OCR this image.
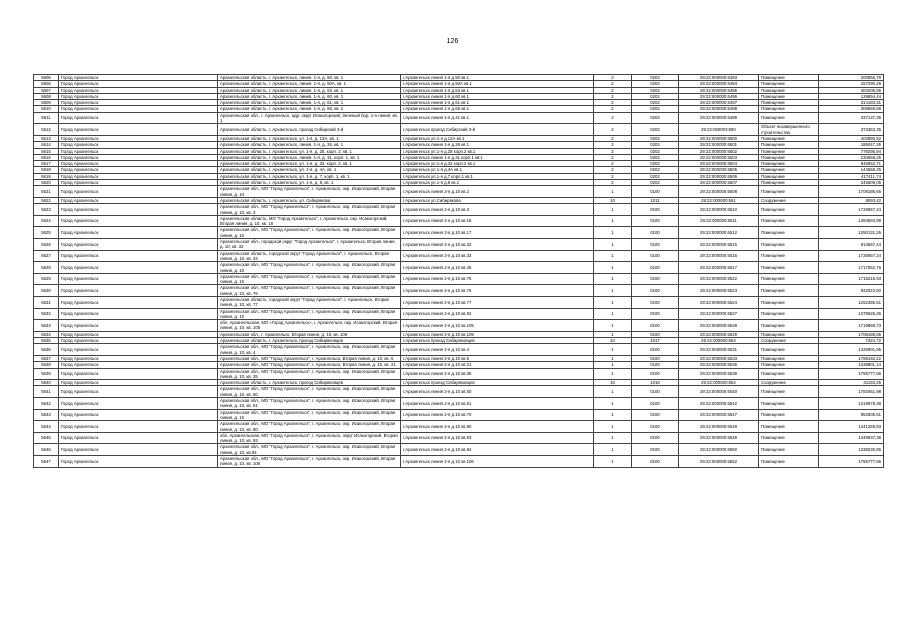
126
5605	Город Архангельск	Архангельская область, г. Архангельск, линия. 1-я, д. 50, кв. 1	г.Архангельск линия 1-я д.50 кв.1	2	0202	29:22:000000:6493	Помещение	200856,79
5606	Город Архангельск	Архангельская область, г. Архангельск, линия. 1-я, д. 50А, кв. 1	г.Архангельск линия 1-я д.50А кв.1	2	0202	29:22:000000:6494	Помещение	157290,29
5607	Город Архангельск	Архангельская область, г. Архангельск, линия. 1-я, д. 53, кв. 1	г.Архангельск линия 1-я д.53 кв.1	2	0202	29:22:000000:6495	Помещение	303206,05
5608	Город Архангельск	Архангельская область, г. Архангельск, линия. 1-я, д. 60, кв. 1	г.Архангельск линия 1-я д.60 кв.1	2	0202	29:22:000000:6496	Помещение	139894,44
5609	Город Архангельск	Архангельская область, г. Архангельск, линия. 1-я, д. 61, кв. 1	г.Архангельск линия 1-я д.61 кв.1	2	0202	29:22:000000:6497	Помещение	314183,31
5610	Город Архангельск	Архангельская область, г. Архангельск, линия. 1-я, д. 66, кв. 1	г.Архангельск линия 1-я д.66 кв.1	2	0202	29:22:000000:6498	Помещение	309569,68
5611	Город Архангельск	Архангельская обл., г. Архангельск, адр. округ Исакогорский, Зеленый бор, 1-я линия, кв. 1	г.Архангельск линия 1-я д.41 кв.1	2	0202	29:22:000000:6499	Помещение	337137,35
5612	Город Архангельск	Архангельская область, г. Архангельск, проезд Сибирский 3-й	г.Архангельск проезд Сибирский 3-й	2	0202	29:22:060003:650	Объект незавершенного строительства	373363,35
5613	Город Архангельск	Архангельская область, г. Архангельск, ул. 1-я, д. 13А, кв. 1	г.Архангельск ул.1-я д.13А кв.1	2	0202	29:22:000000:6500	Помещение	402890,52
5614	Город Архангельск	Архангельская область, г. Архангельск, линия. 1-я, д. 26, кв. 1	г.Архангельск линия 1-я д.26 кв.1	2	0202	29:22:000000:6501	Помещение	185047,35
5615	Город Архангельск	Архангельская область, г. Архангельск, ул. 1-я, д. 28, корп. 2, кв. 1	г.Архангельск ул.1-я д.28 корп.2 кв.1	2	0202	29:22:000000:6502	Помещение	779295,94
5616	Город Архангельск	Архангельская область, г. Архангельск, линия. 1-я, д. 31, корп. 1, кв. 1	г.Архангельск линия 1-я д.31 корп.1 кв.1	2	0202	29:22:000000:6503	Помещение	230658,25
5617	Город Архангельск	Архангельская область, г. Архангельск, ул. 1-я, д. 32, корп. 2, кв. 1	г.Архангельск ул.1-я д.32 корп.2 кв.1	2	0202	29:22:000000:6504	Помещение	946852,71
5618	Город Архангельск	Архангельская область, г. Архангельск, ул. 1-я, д. 4А, кв. 1	г.Архангельск ул.1-я д.4А кв.1	2	0202	29:22:000000:6505	Помещение	144668,25
5619	Город Архангельск	Архангельская область, г. Архангельск, ул. 1-я, д. 7, корп. 1, кв. 1	г.Архангельск ул.1-я д.7 корп.1 кв.1	2	0202	29:22:000000:6506	Помещение	417411,74
5620	Город Архангельск	Архангельская область, г. Архангельск, ул. 1-я, д. 8, кв. 1	г.Архангельск ул.1-я д.8 кв.1	2	0202	29:22:000000:6507	Помещение	245609,05
5621	Город Архангельск	Архангельская обл., МО "Город Архангельск", г. Архангельск, окр. Исакогорский, Вторая линия, д. 10	г.Архангельск линия 2-я д.10 кв.2	1	0100	29:22:000000:6508	Помещение	1708186,65
5622	Город Архангельск	Архангельская область, г. Архангельск, ул. Сибирякова	г.Архангельск ул.Сибирякова	10	1011	29:22:000000:651	Сооружение	8093,42
5623	Город Архангельск	Архангельская обл., МО "Город Архангельск", г. Архангельск, окр. Исакогорский, Вторая линия, д. 10, кв. 3	г.Архангельск линия 2-я д.10 кв.3	1	0100	29:22:000000:6510	Помещение	1726857,24
5624	Город Архангельск	Архангельская область, МО "Город Архангельск", г. Архангельск, окр. Исакогорский, Вторая линия, д. 10, кв. 16	г.Архангельск линия 2-я д.10 кв.16	1	0100	29:22:000000:6511	Помещение	1384593,99
5625	Город Архангельск	Архангельская обл., МО "Город Архангельск", г. Архангельск, окр. Исакогорский, Вторая линия, д. 10	г.Архангельск линия 2-я д.10 кв.17	1	0100	29:22:000000:6512	Помещение	1250131,26
5626	Город Архангельск	Архангельская обл., городской округ "Город Архангельск", г. Архангельск, Вторая линия, д. 10, кв. 32	г.Архангельск линия 2-я д.10 кв.32	1	0100	29:22:000000:6515	Помещение	914567,44
5627	Город Архангельск	Архангельская область, городской округ "Город Архангельск", г. Архангельск, Вторая линия, д. 10, кв. 33	г.Архангельск линия 2-я д.10 кв.33	1	0100	29:22:000000:6516	Помещение	1726857,24
5628	Город Архангельск	Архангельская обл., МО "Город Архангельск", г. Архангельск, окр. Исакогорский, Вторая линия, д. 10	г.Архангельск линия 2-я д.10 кв.45	1	0100	29:22:000000:6517	Помещение	1717552,76
5629	Город Архангельск	Архангельская обл., МО "Город Архангельск", г. Архангельск, окр. Исакогорский, Вторая линия, д. 10	г.Архангельск линия 2-я д.10 кв.75	1	0100	29:22:000000:6522	Помещение	1715215,93
5630	Город Архангельск	Архангельская обл., МО "Город Архангельск", г. Архангельск, окр. Исакогорский, Вторая линия, д. 10, кв. 76	г.Архангельск линия 2-я д.10 кв.76	1	0100	29:22:000000:6523	Помещение	922023,60
5631	Город Архангельск	Архангельская область, городской округ "Город Архангельск", г. Архангельск, Вторая линия, д. 10, кв. 77	г.Архангельск линия 2-я д.10 кв.77	1	0100	29:22:000000:6524	Помещение	1262386,61
5632	Город Архангельск	Архангельская обл., МО "Город Архангельск", г. Архангельск, окр. Исакогорский, Вторая линия, д. 10	г.Архангельск линия 2-я д.10 кв.92	1	0100	29:22:000000:6527	Помещение	1379526,36
5633	Город Архангельск	обл. Архангельская, МО «Город Архангельск», г. Архангельск, окр. Исакогорский, Вторая линия, д. 10, кв. 105	г.Архангельск линия 2-я д.10 кв.105	1	0100	29:22:000000:6528	Помещение	1719868,73
5634	Город Архангельск	Архангельская обл., г. Архангельск, Вторая линия, д. 10, кв. 109	г.Архангельск линия 2-я д.10 кв.109	1	0100	29:22:000000:6529	Помещение	1708186,65
5635	Город Архангельск	Архангельская область, г. Архангельск, проезд Сибиряковцев	г.Архангельск проезд Сибиряковцев	10	1017	29:22:000000:653	Сооружение	7324,72
5636	Город Архангельск	Архангельская обл., МО "Город Архангельск", г. Архангельск, окр. Исакогорский, Вторая линия, д. 10, кв. 4	г.Архангельск линия 2-я д.10 кв.4	1	0100	29:22:000000:6531	Помещение	1426901,95
5637	Город Архангельск	Архангельская обл., МО "Город Архангельск", г. Архангельск, Вторая линия, д. 10, кв. 6	г.Архангельск линия 2-я д.10 кв.6	1	0100	29:22:000000:6533	Помещение	1788192,22
5638	Город Архангельск	Архангельская обл., МО "Город Архангельск", г. Архангельск, Вторая линия, д. 10, кв. 21	г.Архангельск линия 2-я д.10 кв.21	1	0100	29:22:000000:6536	Помещение	1338801,14
5639	Город Архангельск	Архангельская обл., МО "Город Архангельск", г. Архангельск, окр. Исакогорский, Вторая линия, д. 10, кв. 35	г.Архангельск линия 2-я д.10 кв.35	1	0100	29:22:000000:6539	Помещение	1785777,66
5640	Город Архангельск	Архангельская область, г. Архангельск, проезд Сибиряковцев	г.Архангельск проезд Сибиряковцев	10	1016	29:22:000000:654	Сооружение	31193,25
5641	Город Архангельск	Архангельская обл., МО "Город Архангельск", г. Архангельск, окр. Исакогорский, Вторая линия, д. 10, кв. 50	г.Архангельск линия 2-я д.10 кв.50	1	0100	29:22:000000:6540	Помещение	1783461,98
5642	Город Архангельск	Архангельская обл., МО "Город Архангельск", г. Архангельск, окр. Исакогорский, Вторая линия, д. 10, кв. 51	г.Архангельск линия 2-я д.10 кв.51	1	0100	29:22:000000:6542	Помещение	1319878,38
5643	Город Архангельск	Архангельская обл., МО "Город Архангельск", г. Архангельск, окр. Исакогорский, Вторая линия, д. 10	г.Архангельск линия 2-я д.10 кв.70	1	0100	29:22:000000:6547	Помещение	952805,61
5644	Город Архангельск	Архангельская обл., МО "Город Архангельск", г. Архангельск, окр. Исакогорский, Вторая линия, д. 10, кв. 80	г.Архангельск линия 2-я д.10 кв.80	1	0100	29:22:000000:6548	Помещение	1341269,83
5645	Город Архангельск	обл. Архангельская, МО "Город Архангельск", г. Архангельск, округ Исакогорский, Вторая линия, д. 10, кв. 93	г.Архангельск линия 2-я д.10 кв.93	1	0100	29:22:000000:6549	Помещение	1349937,38
5646	Город Архангельск	Архангельская обл., МО "Город Архангельск", г. Архангельск, окр. Исакогорский, Вторая линия, д. 10, кв.94	г.Архангельск линия 2-я д.10 кв.94	1	0100	29:22:000000:6550	Помещение	1335030,86
5647	Город Архангельск	Архангельская обл., МО "Город Архангельск", г. Архангельск, окр. Исакогорский, Вторая линия, д. 10, кв. 106	г.Архангельск линия 2-я д.10 кв.106	1	0100	29:22:000000:6552	Помещение	1785777,66
